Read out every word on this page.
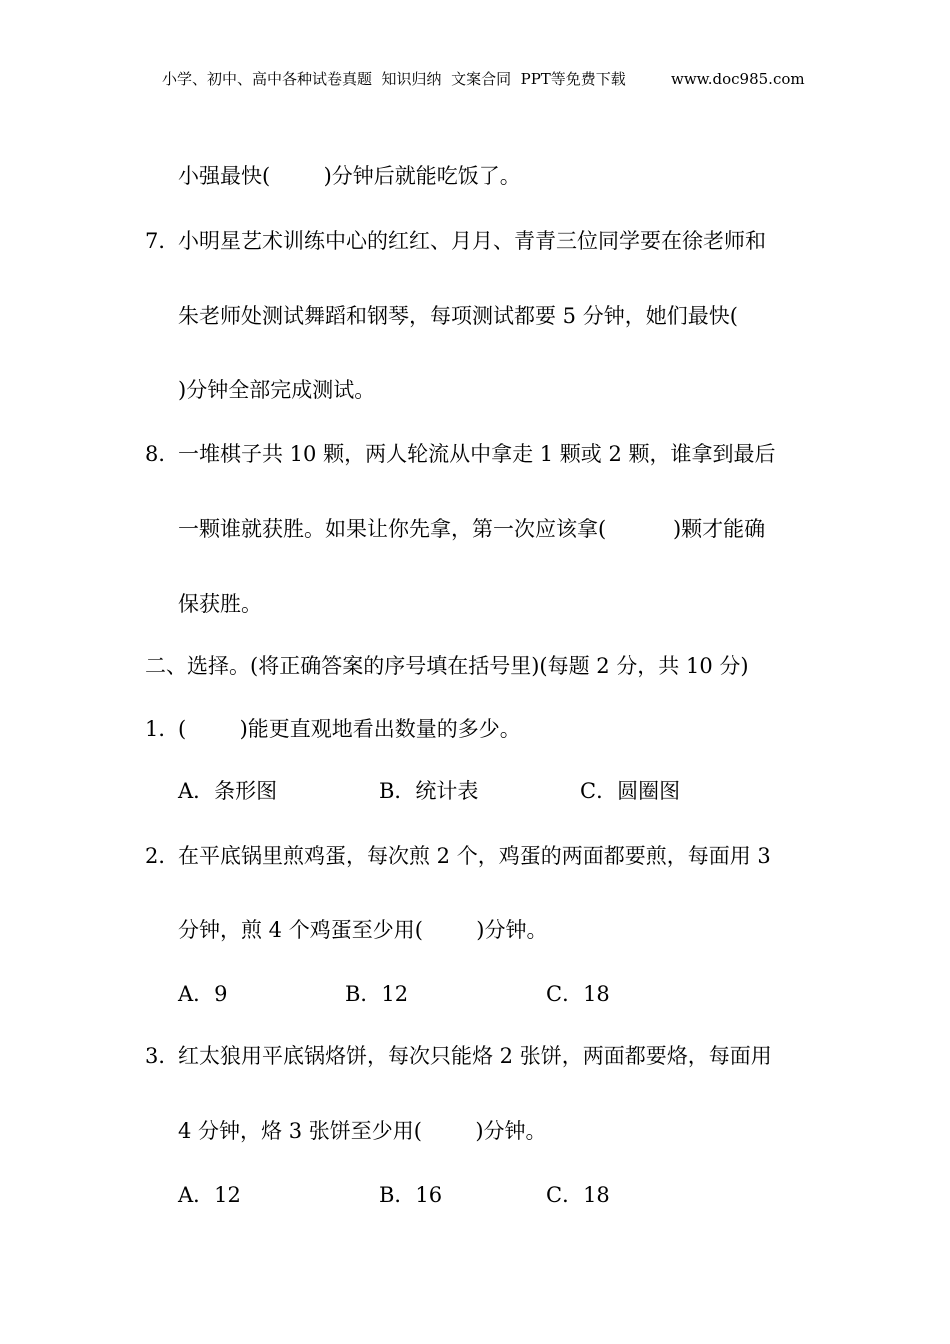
小学、初中、高中各种试卷真题  知识归纳  文案合同  PPT等免费下载	www.doc985.com
小强最快(        )分钟后就能吃饭了。
7．
小明星艺术训练中心的红红、月月、青青三位同学要在徐老师和
朱老师处测试舞蹈和钢琴，每项测试都要 5 分钟，她们最快(
)分钟全部完成测试。
8．
一堆棋子共 10 颗，两人轮流从中拿走 1 颗或 2 颗，谁拿到最后
一颗谁就获胜。如果让你先拿，第一次应该拿(          )颗才能确
保获胜。
二、选择。(将正确答案的序号填在括号里)(每题 2 分，共 10 分)
1．
(        )能更直观地看出数量的多少。
A．条形图	B．统计表	C．圆圈图
2．
在平底锅里煎鸡蛋，每次煎 2 个，鸡蛋的两面都要煎，每面用 3
分钟，煎 4 个鸡蛋至少用(        )分钟。
A．9	B．12	C．18
3．
红太狼用平底锅烙饼，每次只能烙 2 张饼，两面都要烙，每面用
4 分钟，烙 3 张饼至少用(        )分钟。
A．12	B．16	C．18
